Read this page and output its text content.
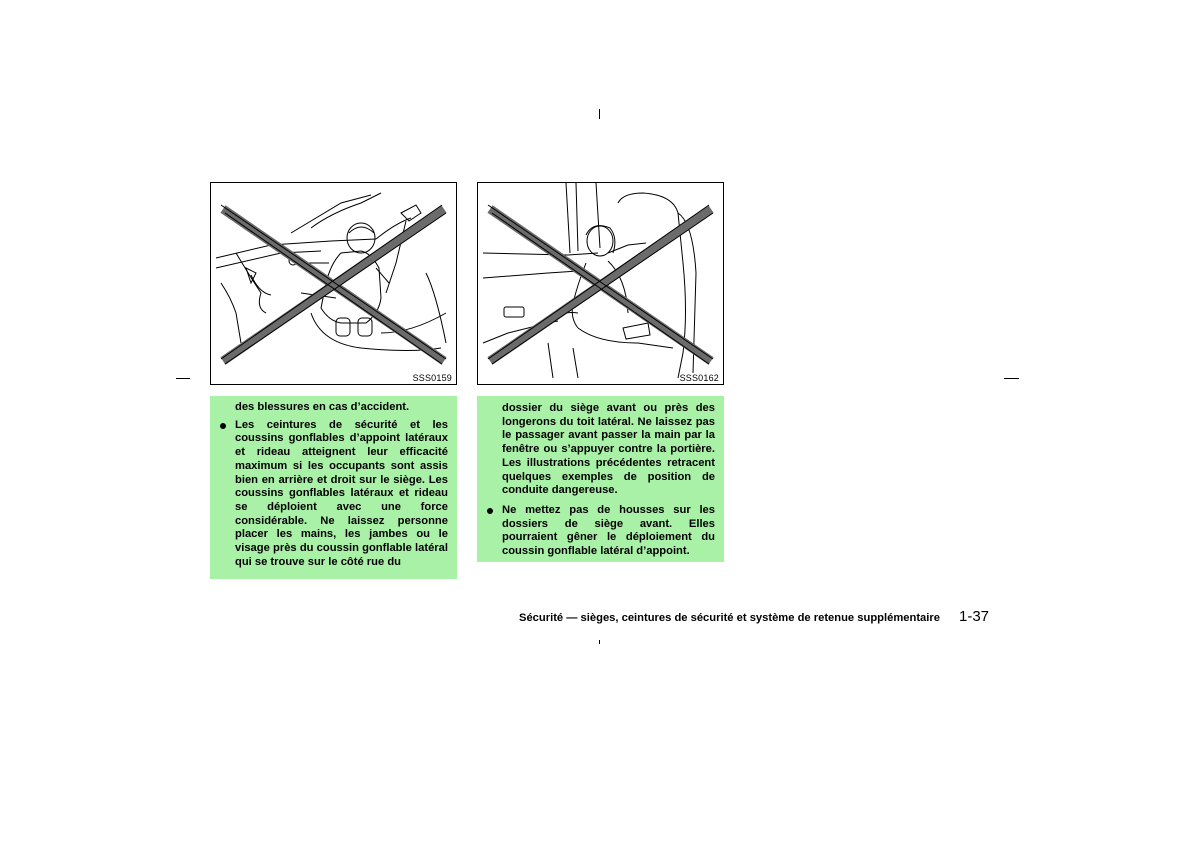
SSS0159	SSS0162
des blessures en cas d’accident.
Les ceintures de sécurité et les coussins gonflables d’appoint latéraux et rideau atteignent leur efficacité maximum si les occupants sont assis bien en arrière et droit sur le siège. Les coussins gonflables latéraux et rideau se déploient avec une force considérable. Ne laissez personne placer les mains, les jambes ou le visage près du coussin gonflable latéral qui se trouve sur le côté rue du
dossier du siège avant ou près des longerons du toit latéral. Ne laissez pas le passager avant passer la main par la fenêtre ou s’appuyer contre la portière. Les illustrations précédentes retracent quelques exemples de position de conduite dangereuse.
Ne mettez pas de housses sur les dossiers de siège avant. Elles pourraient gêner le déploiement du coussin gonflable latéral d’appoint.
Sécurité — sièges, ceintures de sécurité et système de retenue supplémentaire 1-37
